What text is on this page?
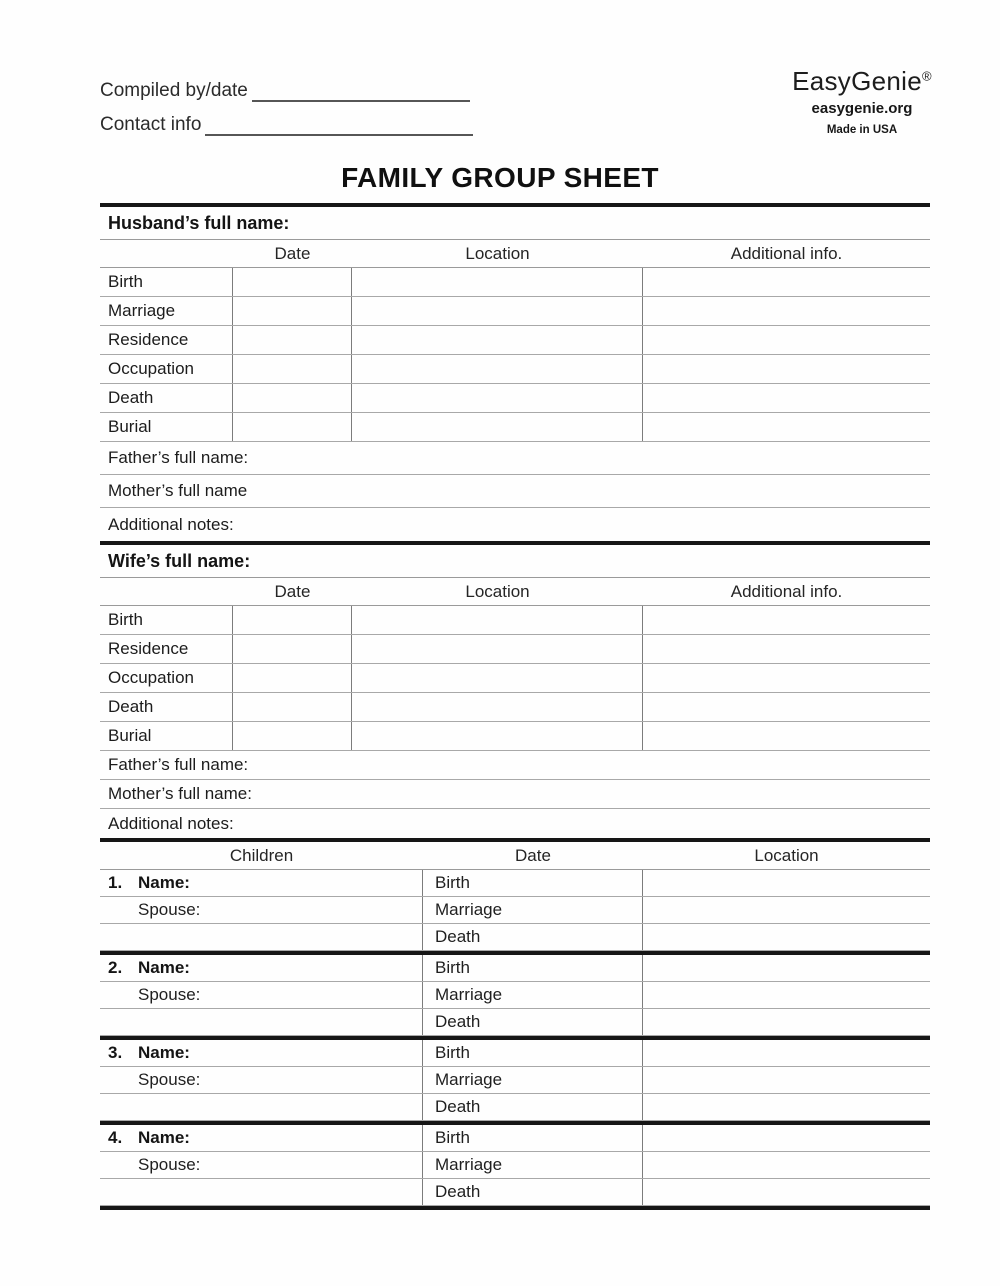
Compiled by/date
Contact info
EasyGenie®
easygenie.org
Made in USA
FAMILY GROUP SHEET
Husband’s full name:
Date	Location	Additional info.
Birth
Marriage
Residence
Occupation
Death
Burial
Father’s full name:
Mother’s full name
Additional notes:
Wife’s full name:
Date	Location	Additional info.
Birth
Residence
Occupation
Death
Burial
Father’s full name:
Mother’s full name:
Additional notes:
Children	Date	Location
1. Name:	Birth
Spouse:	Marriage
Death
2. Name:	Birth
Spouse:	Marriage
Death
3. Name:	Birth
Spouse:	Marriage
Death
4. Name:	Birth
Spouse:	Marriage
Death
